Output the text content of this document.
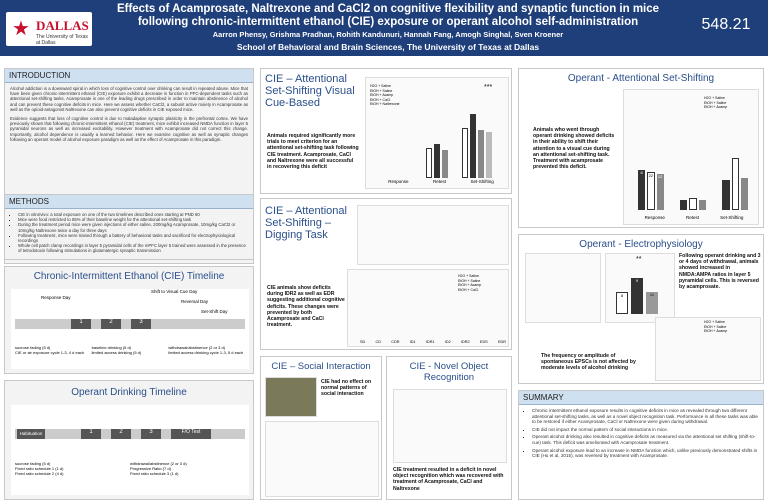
★ DALLAS
The University of Texas at Dallas
Effects of Acamprosate, Naltrexone and CaCl2 on cognitive flexibility and synaptic function in mice following chronic-intermittent ethanol (CIE) exposure or operant alcohol self-administration
Aarron Phensy, Grishma Pradhan, Rohith Kandunuri, Hannah Fang, Amogh Singhal, Sven Kroener
School of Behavioral and Brain Sciences, The University of Texas at Dallas
548.21
INTRODUCTION
Alcohol addiction is a downward spiral in which loss of cognitive control over drinking can result in repeated abuse. Mice that have been given chronic-intermittent ethanol (CIE) exposure exhibit a decrease in function in PFC-dependent tasks such as attentional set-shifting tasks. Acamprosate is one of the leading drugs prescribed in order to maintain abstinence of alcohol and can prevent these cognitive deficits in mice. Here we assess whether CaCl2, a subunit active moiety in Acamprosate as well as the opioid-antagonist Naltrexone can also prevent cognitive deficits in CIE exposed mice.
Evidence suggests that loss of cognitive control is due to maladaptive synaptic plasticity in the prefrontal cortex. We have previously shown that following chronic-intermittent ethanol (CIE) treatment, mice exhibit increased NMDA function in layer 5 pyramidal neurons as well as increased excitability. However treatment with Acamprosate did not correct this change. Importantly, alcohol dependence is usually a learned behavior. Here we examine cognitive as well as synaptic changes following an operant model of alcohol exposure paradigm as well as the effect of Acamprosate in this paradigm.
METHODS
▪ CIE in vitro/vivo: a total exposure on one of the two timelines described ones starting at PND 60
▪ Mice were food restricted to 85% of their baseline weight for the attentional set-shifting task
▪ During the treatment period mice were given injections of either saline, 200mg/kg Acamprosate, 10mg/kg CaCl2 or 10mg/kg Naltrexone twice a day for three days
▪ Following treatment, mice were trained through a battery of behavioral tasks and sacrificed for electrophysiological recordings
▪ Whole cell patch clamp recordings in layer 5 pyramidal cells of the mPFC layer 5 trained were assessed in the presence of tetrodotoxin following stimulations in glutamatergic synaptic transmission
Chronic-Intermittent Ethanol (CIE) Timeline
Response Day
Shift to Visual Cue Day
Reversal Day
Set-Shift Day
1	2	3
sucrose fading (5 d)	baseline drinking (5 d)	withdrawal/abstinence (2 or 3 d)
CIE or air exposure cycle 1-3, 4 d each	limited access drinking (5 d)	limited access drinking cycle 1-3, 5 d each
Operant Drinking Timeline
Habituation	1	2	3	F/O Test
sucrose fading (5 d)	withdrawal/abstinence (2 or 3 d)
Fixed ratio schedule 1 (1 d)	Progressive Ratio (7 d)
Fixed ratio schedule 2 (4 d)	Fixed ratio schedule 3 (1 d)
CIE – Attentional Set-Shifting Visual Cue-Based
Animals required significantly more trials to meet criterion for an attentional set-shifting task following CIE treatment. Acamprosate, CaCl and Naltrexone were all successful in recovering this deficit
H2O + Saline
EtOH + Saline
EtOH + Acamp
EtOH + CaCl
EtOH + Naltrexone
***
Response	Retest	Set-Shifting
CIE – Attentional Set-Shifting – Digging Task
CIE animals show deficits during IDR2 as well as EDR suggesting additional cognitive deficits. These changes were prevented by both Acamprosate and CaCl treatment.
H2O + Saline
EtOH + Saline
EtOH + Acamp
EtOH + CaCl
SD	CD	CDR	ID1	IDR1	ID2	IDR2	EDS	EDR
CIE – Social Interaction
CIE had no effect on normal patterns of social interaction
CIE - Novel Object Recognition
CIE treatment resulted in a deficit in novel object recognition which was recovered with treatment of Acamprosate, CaCl and Naltrexone
Operant - Attentional Set-Shifting
Animals who went through operant drinking showed deficits in their ability to shift their attention to a visual cue during an attentional set-shifting task. Treatment with acamprosate prevented this deficit.
H2O + Saline
EtOH + Saline
EtOH + Acamp
8
22	12
Response	Retest	Set-Shifting
Operant - Electrophysiology
**
8
9
11
Following operant drinking and 3 or 4 days of withdrawal, animals showed increased in NMDA:AMPA ratios in layer 5 pyramidal cells. This is reversed by acamprosate.
The frequency or amplitude of spontaneous EPSCs is not affected by moderate levels of alcohol drinking
H2O + Saline
EtOH + Saline
EtOH + Acamp
SUMMARY
▪ Chronic intermittent ethanol exposure results in cognitive deficits in mice as revealed through two different attentional set-shifting tasks, as well as a novel object recognition task. Performance in all these tasks was able to be restored if either Acamprosate, CaCl or Naltrexone were given during withdrawal.
▪ CIE did not impact the normal pattern of social interactions in mice.
▪ Operant alcohol drinking also resulted in cognitive deficits as measured via the attentional set shifting (shift-to-cue) task. This deficit was ameliorated with Acamprosate treatment.
▪ Operant alcohol exposure lead to an increase in NMDA function which, unlike previously demonstrated shifts in CIE (Hu et al, 2015), was reversed by treatment with Acamprosate.
